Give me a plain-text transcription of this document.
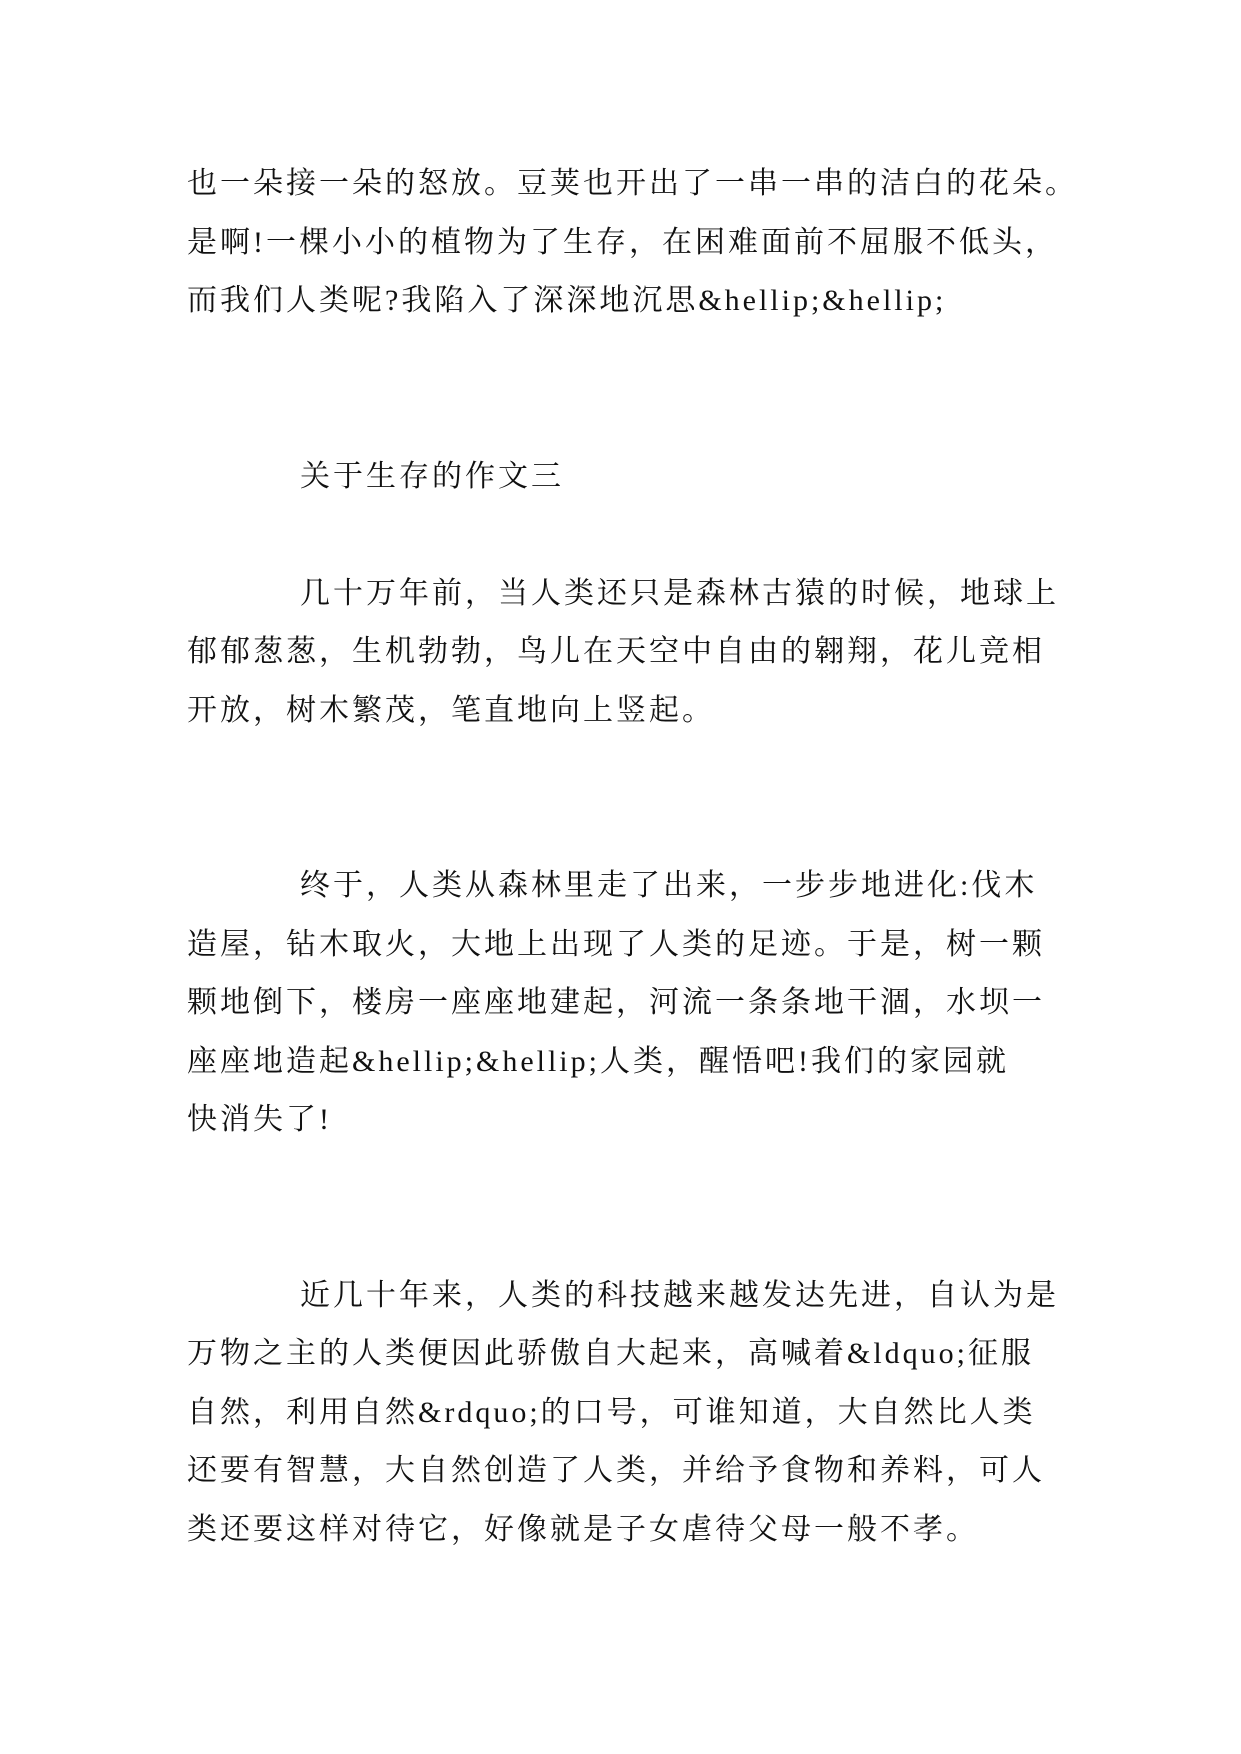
也一朵接一朵的怒放。豆荚也开出了一串一串的洁白的花朵。
是啊!一棵小小的植物为了生存，在困难面前不屈服不低头，
而我们人类呢?我陷入了深深地沉思&hellip;&hellip;
关于生存的作文三
几十万年前，当人类还只是森林古猿的时候，地球上
郁郁葱葱，生机勃勃，鸟儿在天空中自由的翱翔，花儿竞相
开放，树木繁茂，笔直地向上竖起。
终于，人类从森林里走了出来，一步步地进化:伐木
造屋，钻木取火，大地上出现了人类的足迹。于是，树一颗
颗地倒下，楼房一座座地建起，河流一条条地干涸，水坝一
座座地造起&hellip;&hellip;人类，醒悟吧!我们的家园就
快消失了!
近几十年来，人类的科技越来越发达先进，自认为是
万物之主的人类便因此骄傲自大起来，高喊着&ldquo;征服
自然，利用自然&rdquo;的口号，可谁知道，大自然比人类
还要有智慧，大自然创造了人类，并给予食物和养料，可人
类还要这样对待它，好像就是子女虐待父母一般不孝。
